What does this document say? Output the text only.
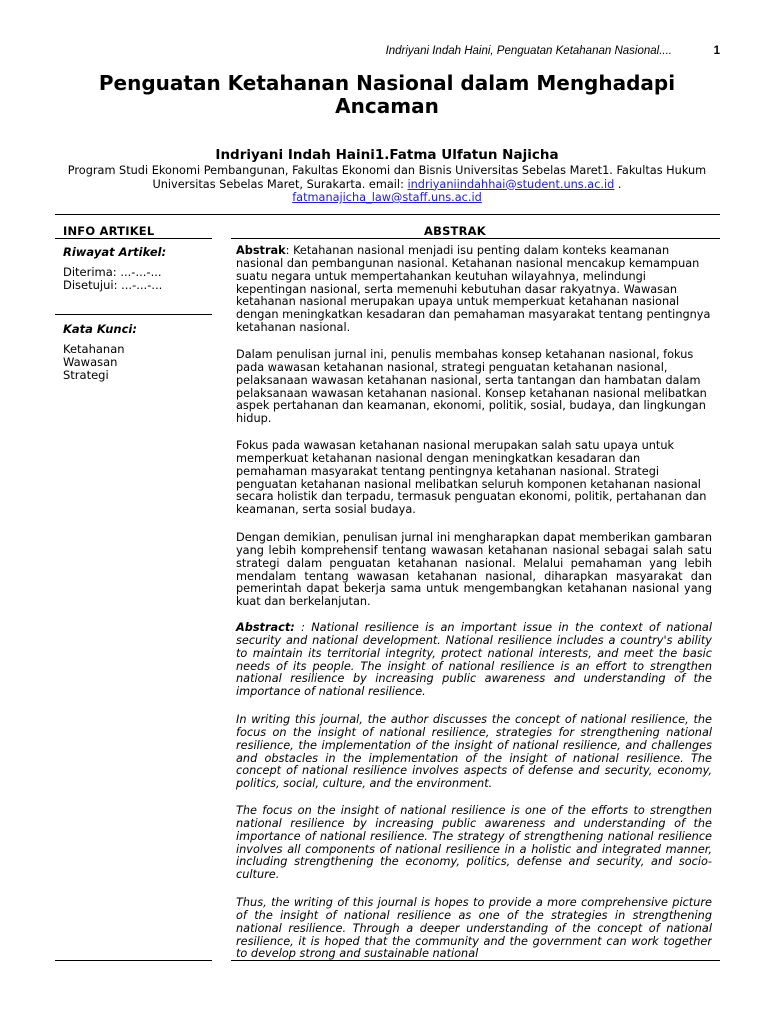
Indriyani Indah Haini, Penguatan Ketahanan Nasional....	1
Penguatan Ketahanan Nasional dalam Menghadapi Ancaman
Indriyani Indah Haini1.Fatma Ulfatun Najicha
Program Studi Ekonomi Pembangunan, Fakultas Ekonomi dan Bisnis Universitas Sebelas Maret1. Fakultas Hukum Universitas Sebelas Maret, Surakarta. email: indriyaniindahhai@student.uns.ac.id .
fatmanajicha_law@staff.uns.ac.id
INFO ARTIKEL	ABSTRAK
Riwayat Artikel:
Diterima: ...-...-...
Disetujui: ...-...-...
Kata Kunci:
Ketahanan
Wawasan
Strategi
Abstrak: Ketahanan nasional menjadi isu penting dalam konteks keamanan nasional dan pembangunan nasional. Ketahanan nasional mencakup kemampuan suatu negara untuk mempertahankan keutuhan wilayahnya, melindungi kepentingan nasional, serta memenuhi kebutuhan dasar rakyatnya. Wawasan ketahanan nasional merupakan upaya untuk memperkuat ketahanan nasional dengan meningkatkan kesadaran dan pemahaman masyarakat tentang pentingnya ketahanan nasional.
Dalam penulisan jurnal ini, penulis membahas konsep ketahanan nasional, fokus pada wawasan ketahanan nasional, strategi penguatan ketahanan nasional, pelaksanaan wawasan ketahanan nasional, serta tantangan dan hambatan dalam pelaksanaan wawasan ketahanan nasional. Konsep ketahanan nasional melibatkan aspek pertahanan dan keamanan, ekonomi, politik, sosial, budaya, dan lingkungan hidup.
Fokus pada wawasan ketahanan nasional merupakan salah satu upaya untuk memperkuat ketahanan nasional dengan meningkatkan kesadaran dan pemahaman masyarakat tentang pentingnya ketahanan nasional. Strategi penguatan ketahanan nasional melibatkan seluruh komponen ketahanan nasional secara holistik dan terpadu, termasuk penguatan ekonomi, politik, pertahanan dan keamanan, serta sosial budaya.
Dengan demikian, penulisan jurnal ini mengharapkan dapat memberikan gambaran yang lebih komprehensif tentang wawasan ketahanan nasional sebagai salah satu strategi dalam penguatan ketahanan nasional. Melalui pemahaman yang lebih mendalam tentang wawasan ketahanan nasional, diharapkan masyarakat dan pemerintah dapat bekerja sama untuk mengembangkan ketahanan nasional yang kuat dan berkelanjutan.
Abstract: : National resilience is an important issue in the context of national security and national development. National resilience includes a country's ability to maintain its territorial integrity, protect national interests, and meet the basic needs of its people. The insight of national resilience is an effort to strengthen national resilience by increasing public awareness and understanding of the importance of national resilience.
In writing this journal, the author discusses the concept of national resilience, the focus on the insight of national resilience, strategies for strengthening national resilience, the implementation of the insight of national resilience, and challenges and obstacles in the implementation of the insight of national resilience. The concept of national resilience involves aspects of defense and security, economy, politics, social, culture, and the environment.
The focus on the insight of national resilience is one of the efforts to strengthen national resilience by increasing public awareness and understanding of the importance of national resilience. The strategy of strengthening national resilience involves all components of national resilience in a holistic and integrated manner, including strengthening the economy, politics, defense and security, and socio-culture.
Thus, the writing of this journal is hopes to provide a more comprehensive picture of the insight of national resilience as one of the strategies in strengthening national resilience. Through a deeper understanding of the concept of national resilience, it is hoped that the community and the government can work together to develop strong and sustainable national
